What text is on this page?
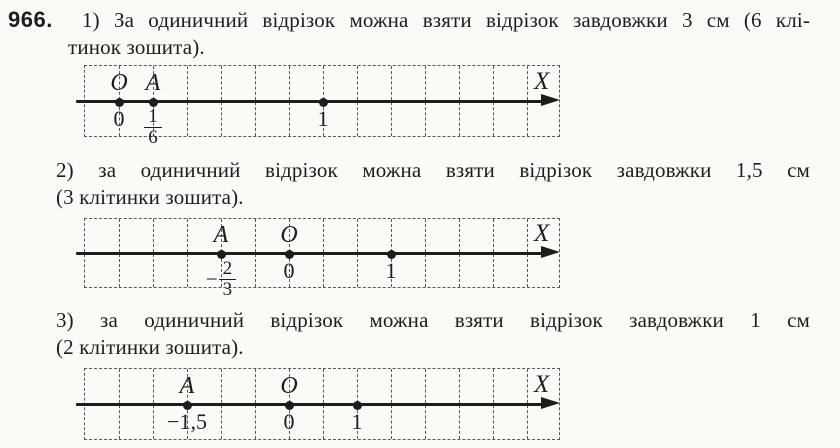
966. 1) За одиничний відрізок можна взяти відрізок завдовжки 3 см (6 клі-
тинок зошита).
2) за одиничний відрізок можна взяти відрізок завдовжки 1,5 см
(3 клітинки зошита).
3) за одиничний відрізок можна взяти відрізок завдовжки 1 см
(2 клітинки зошита).
X
O
0
A
$\frac{1}{6}$	1
X
A
− $\frac{2}{3}$
O
0	1
X
A
−1,5
O
0	1
